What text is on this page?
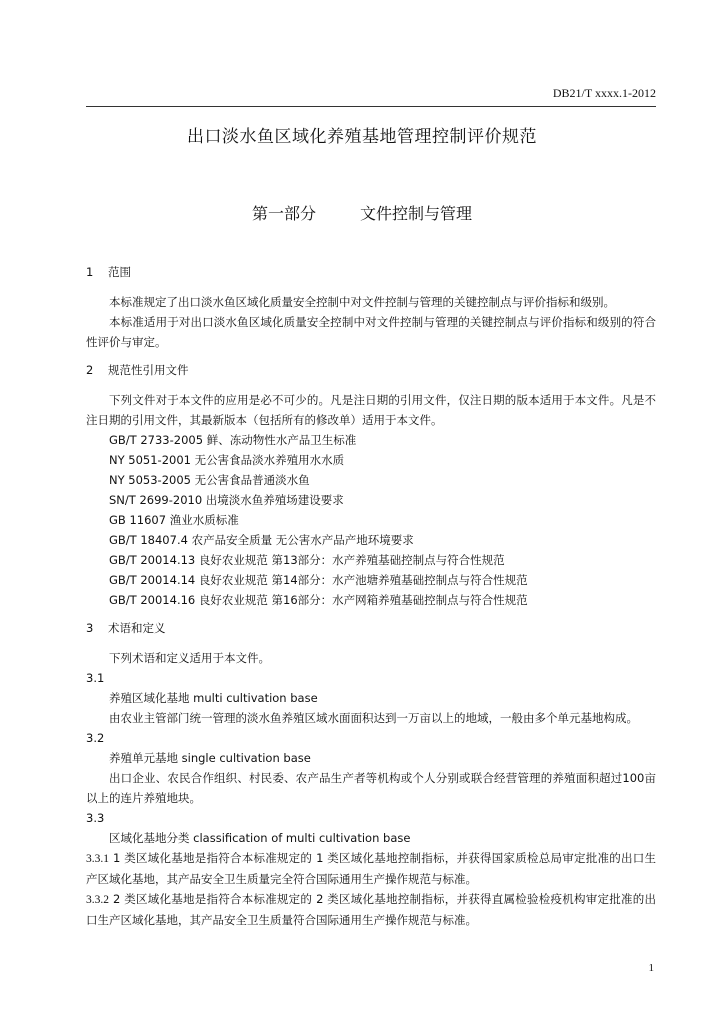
DB21/T xxxx.1-2012
出口淡水鱼区域化养殖基地管理控制评价规范
第一部分	文件控制与管理

1 范围

本标准规定了出口淡水鱼区域化质量安全控制中对文件控制与管理的关键控制点与评价指标和级别。

本标准适用于对出口淡水鱼区域化质量安全控制中对文件控制与管理的关键控制点与评价指标和级别的符合性评价与审定。

2 规范性引用文件

下列文件对于本文件的应用是必不可少的。凡是注日期的引用文件，仅注日期的版本适用于本文件。凡是不注日期的引用文件，其最新版本（包括所有的修改单）适用于本文件。

GB/T 2733-2005 鲜、冻动物性水产品卫生标准

NY 5051-2001 无公害食品淡水养殖用水水质

NY 5053-2005 无公害食品普通淡水鱼

SN/T 2699-2010 出境淡水鱼养殖场建设要求

GB 11607 渔业水质标准

GB/T 18407.4 农产品安全质量 无公害水产品产地环境要求

GB/T 20014.13 良好农业规范 第13部分：水产养殖基础控制点与符合性规范

GB/T 20014.14 良好农业规范 第14部分：水产池塘养殖基础控制点与符合性规范

GB/T 20014.16 良好农业规范 第16部分：水产网箱养殖基础控制点与符合性规范

3 术语和定义

下列术语和定义适用于本文件。

3.1

养殖区域化基地 multi cultivation base

由农业主管部门统一管理的淡水鱼养殖区域水面面积达到一万亩以上的地域，一般由多个单元基地构成。

3.2

养殖单元基地 single cultivation base

出口企业、农民合作组织、村民委、农产品生产者等机构或个人分别或联合经营管理的养殖面积超过100亩以上的连片养殖地块。

3.3

区域化基地分类 classification of multi cultivation base

3.3.1 1 类区域化基地是指符合本标准规定的 1 类区域化基地控制指标，并获得国家质检总局审定批准的出口生产区域化基地，其产品安全卫生质量完全符合国际通用生产操作规范与标准。

3.3.2 2 类区域化基地是指符合本标准规定的 2 类区域化基地控制指标，并获得直属检验检疫机构审定批准的出口生产区域化基地，其产品安全卫生质量符合国际通用生产操作规范与标准。

1
